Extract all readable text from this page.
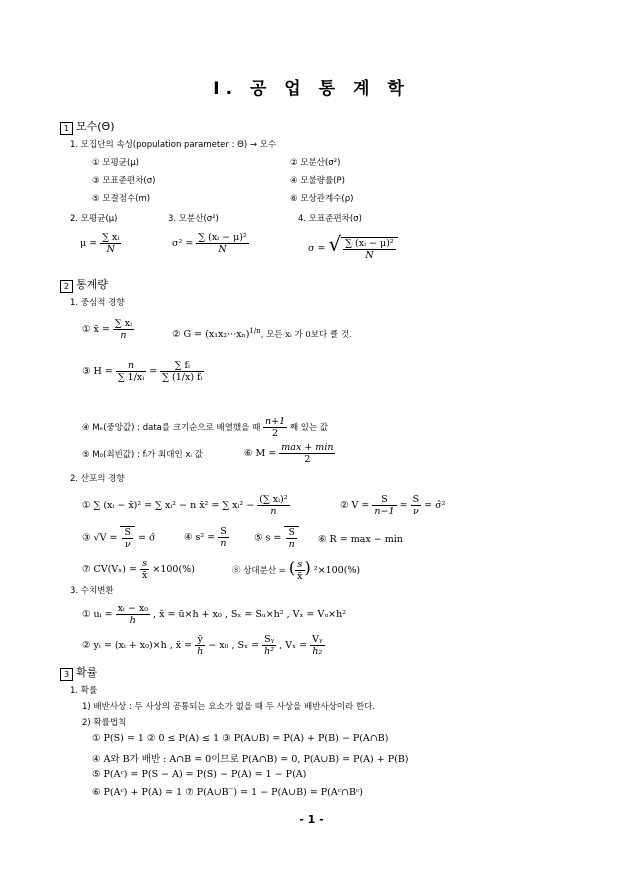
Ⅰ. 공 업 통 계 학
1 모수(Θ)
1. 모집단의 속성(population parameter : Θ) → 모수
① 모평균(μ)	② 모분산(σ²)
③ 모표준편차(σ)	④ 모불량률(P)
⑤ 모결점수(m)	⑥ 모상관계수(ρ)
2. 모평균(μ)	3. 모분산(σ²)	4. 모표준편차(σ)
$\mu = \frac{\text{∑ xᵢ}}{N}$	$\sigma^2 = \frac{\text{∑ (xᵢ − μ)²}}{N}$	σ = √ $\frac{\text{∑ (xᵢ − μ)²}}{N}$
2 통계량
1. 중심적 경향
① x̄ = $\frac{\text{∑ xᵢ}}{n}$	② $G = (x_1x_2\cdot\cdot\cdot x_n)^{1/n}$, 모든 xᵢ 가 0보다 클 것.
③ $H = \frac{n}{\text{∑ 1/xᵢ}} = \frac{\text{∑ fᵢ}}{\text{∑ (1/x) fᵢ}}$
④ Mₑ(중앙값) : data를 크기순으로 배열했을 때 $\frac{n+1}{2}$ 째 있는 값
⑤ M₀(최빈값) : fᵢ가 최대인 xᵢ 값	⑥ $M = \frac{\max + \min}{2}$
2. 산포의 경향
① ∑ (xᵢ − x̄)² = ∑ xᵢ² − n x̄² = ∑ xᵢ² − $\frac{\text{(∑ xᵢ)²}}{n}$	② $V = \frac{S}{n-1} = \frac{S}{\nu}$ = σ̂²
③ $√V = \frac{S}{\nu}$ = σ̂	④ $s^2 = \frac{S}{n}$	⑤ $s = \frac{S}{n}$ ⑥ R = max − min
⑦ $CV(V_x) = \frac{s}{x̄} \times 100(\%)$	⑧ 상대분산 = ( $\frac{s}{x̄}$ ) ²×100(%)
3. 수치변환
① uᵢ = $\frac{\text{xᵢ − x₀}}{h}$ , x̄ = ū×h + x₀ , Sₓ = Sᵤ×h² , Vₓ = Vᵤ×h²
② yᵢ = (xᵢ + x₀)×h , x̄ = $\frac{ȳ}{h} - x_0$ , $S_x = \frac{\text{Sᵧ}}{\text{h²}}$ , $V_x = \frac{\text{Vᵧ}}{\text{h₂}}$
3 확률
1. 확률
1) 배반사상 : 두 사상의 공통되는 요소가 없을 때 두 사상을 배반사상이라 한다.
2) 확률법칙
① P(S) = 1 ② 0 ≤ P(A) ≤ 1 ③ P(A∪B) = P(A) + P(B) − P(A∩B)
④ A와 B가 배반 : A∩B = 0이므로 P(A∩B) = 0, P(A∪B) = P(A) + P(B)
⑤ P(Aᶜ) = P(S − A) = P(S) − P(A) = 1 − P(A)
⑥ P(Aᶜ) + P(A) = 1 ⑦ P(A∪B‾) = 1 − P(A∪B) = P(Aᶜ∩Bᶜ)
- 1 -
